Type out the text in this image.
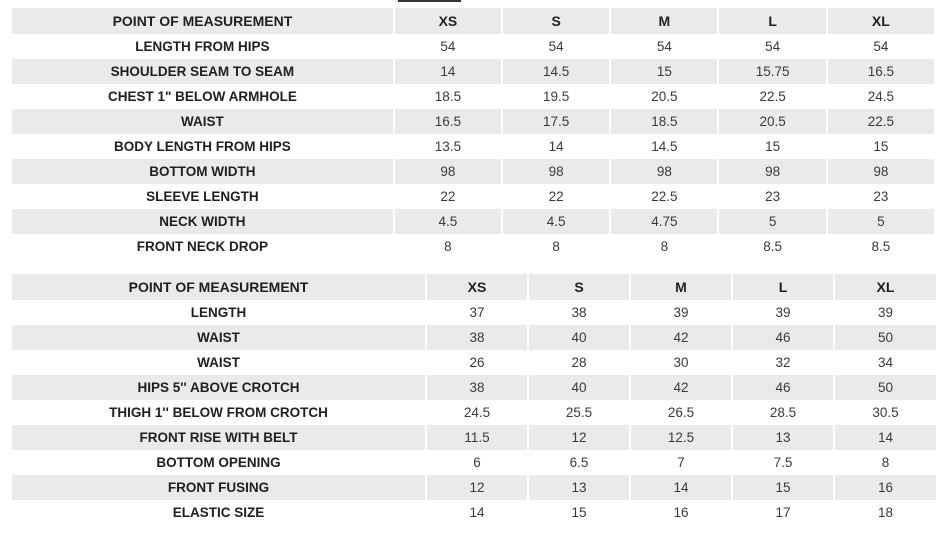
POINT OF MEASUREMENT	XS	S	M	L	XL
LENGTH FROM HIPS	54	54	54	54	54
SHOULDER SEAM TO SEAM	14	14.5	15	15.75	16.5
CHEST 1" BELOW ARMHOLE	18.5	19.5	20.5	22.5	24.5
WAIST	16.5	17.5	18.5	20.5	22.5
BODY LENGTH FROM HIPS	13.5	14	14.5	15	15
BOTTOM WIDTH	98	98	98	98	98
SLEEVE LENGTH	22	22	22.5	23	23
NECK WIDTH	4.5	4.5	4.75	5	5
FRONT NECK DROP	8	8	8	8.5	8.5
POINT OF MEASUREMENT	XS	S	M	L	XL
LENGTH	37	38	39	39	39
WAIST	38	40	42	46	50
WAIST	26	28	30	32	34
HIPS 5'' ABOVE CROTCH	38	40	42	46	50
THIGH 1'' BELOW FROM CROTCH	24.5	25.5	26.5	28.5	30.5
FRONT RISE WITH BELT	11.5	12	12.5	13	14
BOTTOM OPENING	6	6.5	7	7.5	8
FRONT FUSING	12	13	14	15	16
ELASTIC SIZE	14	15	16	17	18
